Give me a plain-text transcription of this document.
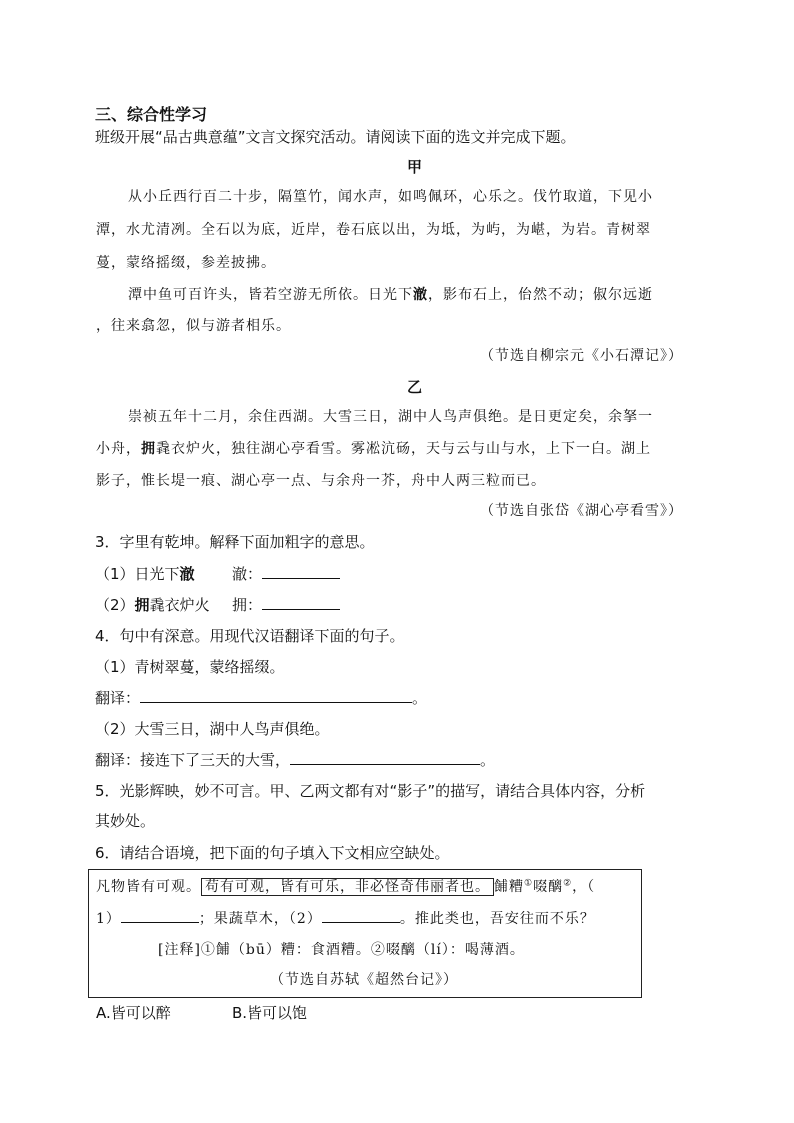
三、综合性学习
班级开展“品古典意蕴”文言文探究活动。请阅读下面的选文并完成下题。
甲
从小丘西行百二十步，隔篁竹，闻水声，如鸣佩环，心乐之。伐竹取道，下见小
潭，水尤清冽。全石以为底，近岸，卷石底以出，为坻，为屿，为嵁，为岩。青树翠
蔓，蒙络摇缀，参差披拂。
潭中鱼可百许头，皆若空游无所依。日光下澈，影布石上，佁然不动；俶尔远逝
，往来翕忽，似与游者相乐。
（节选自柳宗元《小石潭记》）
乙
崇祯五年十二月，余住西湖。大雪三日，湖中人鸟声俱绝。是日更定矣，余拏一
小舟，拥毳衣炉火，独往湖心亭看雪。雾凇沆砀，天与云与山与水，上下一白。湖上
影子，惟长堤一痕、湖心亭一点、与余舟一芥，舟中人两三粒而已。
（节选自张岱《湖心亭看雪》）
3．字里有乾坤。解释下面加粗字的意思。
（1）日光下澈 澈：
（2）拥毳衣炉火 拥：
4．句中有深意。用现代汉语翻译下面的句子。
（1）青树翠蔓，蒙络摇缀。
翻译：	。
（2）大雪三日，湖中人鸟声俱绝。
翻译：接连下了三天的大雪，	。
5．光影辉映，妙不可言。甲、乙两文都有对“影子”的描写，请结合具体内容，分析
其妙处。
6．请结合语境，把下面的句子填入下文相应空缺处。
凡物皆有可观。 苟有可观，皆有可乐，非必怪奇伟丽者也。 餔糟①啜醨②，（
1）	；果蔬草木，（2）	。推此类也，吾安往而不乐？
[注释]①餔（bū）糟：食酒糟。②啜醨（lí）：喝薄酒。
（节选自苏轼《超然台记》）
A.皆可以醉	B.皆可以饱
